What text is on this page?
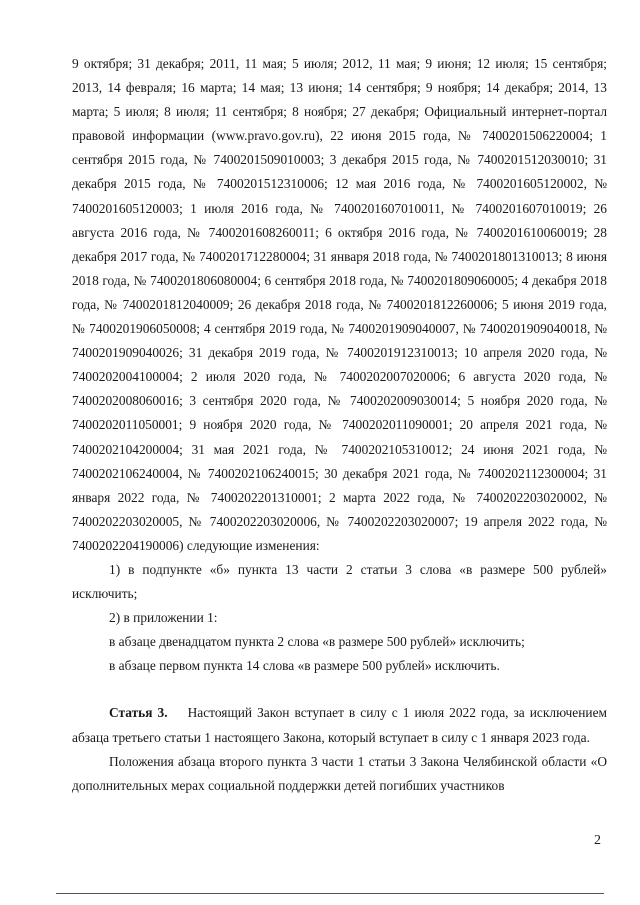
9 октября; 31 декабря; 2011, 11 мая; 5 июля; 2012, 11 мая; 9 июня; 12 июля; 15 сентября; 2013, 14 февраля; 16 марта; 14 мая; 13 июня; 14 сентября; 9 ноября; 14 декабря; 2014, 13 марта; 5 июля; 8 июля; 11 сентября; 8 ноября; 27 декабря; Официальный интернет-портал правовой информации (www.pravo.gov.ru), 22 июня 2015 года, № 7400201506220004; 1 сентября 2015 года, № 7400201509010003; 3 декабря 2015 года, № 7400201512030010; 31 декабря 2015 года, № 7400201512310006; 12 мая 2016 года, № 7400201605120002, № 7400201605120003; 1 июля 2016 года, № 7400201607010011, № 7400201607010019; 26 августа 2016 года, № 7400201608260011; 6 октября 2016 года, № 7400201610060019; 28 декабря 2017 года, № 7400201712280004; 31 января 2018 года, № 7400201801310013; 8 июня 2018 года, № 7400201806080004; 6 сентября 2018 года, № 7400201809060005; 4 декабря 2018 года, № 7400201812040009; 26 декабря 2018 года, № 7400201812260006; 5 июня 2019 года, № 7400201906050008; 4 сентября 2019 года, № 7400201909040007, № 7400201909040018, № 7400201909040026; 31 декабря 2019 года, № 7400201912310013; 10 апреля 2020 года, № 7400202004100004; 2 июля 2020 года, № 7400202007020006; 6 августа 2020 года, № 7400202008060016; 3 сентября 2020 года, № 7400202009030014; 5 ноября 2020 года, № 7400202011050001; 9 ноября 2020 года, № 7400202011090001; 20 апреля 2021 года, № 7400202104200004; 31 мая 2021 года, № 7400202105310012; 24 июня 2021 года, № 7400202106240004, № 7400202106240015; 30 декабря 2021 года, № 7400202112300004; 31 января 2022 года, № 7400202201310001; 2 марта 2022 года, № 7400202203020002, № 7400202203020005, № 7400202203020006, № 7400202203020007; 19 апреля 2022 года, № 7400202204190006) следующие изменения:

1) в подпункте «б» пункта 13 части 2 статьи 3 слова «в размере 500 рублей» исключить;

2) в приложении 1:

в абзаце двенадцатом пункта 2 слова «в размере 500 рублей» исключить;

в абзаце первом пункта 14 слова «в размере 500 рублей» исключить.

Статья 3. Настоящий Закон вступает в силу с 1 июля 2022 года, за исключением абзаца третьего статьи 1 настоящего Закона, который вступает в силу с 1 января 2023 года.

Положения абзаца второго пункта 3 части 1 статьи 3 Закона Челябинской области «О дополнительных мерах социальной поддержки детей погибших участников

2
